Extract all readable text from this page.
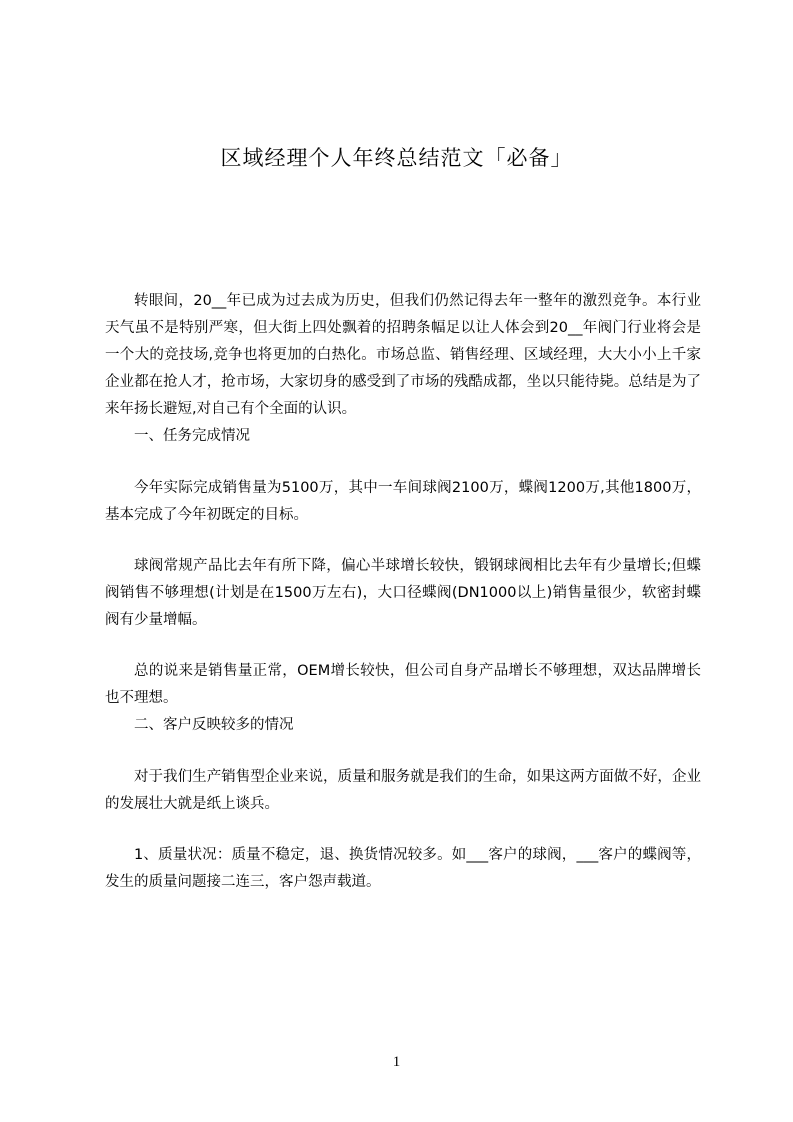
区域经理个人年终总结范文「必备」

转眼间，20__年已成为过去成为历史，但我们仍然记得去年一整年的激烈竞争。本行业天气虽不是特别严寒，但大街上四处飘着的招聘条幅足以让人体会到20__年阀门行业将会是一个大的竞技场,竞争也将更加的白热化。市场总监、销售经理、区域经理，大大小小上千家企业都在抢人才，抢市场，大家切身的感受到了市场的残酷成都，坐以只能待毙。总结是为了来年扬长避短,对自己有个全面的认识。

一、任务完成情况

今年实际完成销售量为5100万，其中一车间球阀2100万，蝶阀1200万,其他1800万，基本完成了今年初既定的目标。

球阀常规产品比去年有所下降，偏心半球增长较快，锻钢球阀相比去年有少量增长;但蝶阀销售不够理想(计划是在1500万左右)，大口径蝶阀(DN1000以上)销售量很少，软密封蝶阀有少量增幅。

总的说来是销售量正常，OEM增长较快，但公司自身产品增长不够理想，双达品牌增长也不理想。

二、客户反映较多的情况

对于我们生产销售型企业来说，质量和服务就是我们的生命，如果这两方面做不好，企业的发展壮大就是纸上谈兵。

1、质量状况：质量不稳定，退、换货情况较多。如___客户的球阀，___客户的蝶阀等，发生的质量问题接二连三，客户怨声载道。

1
